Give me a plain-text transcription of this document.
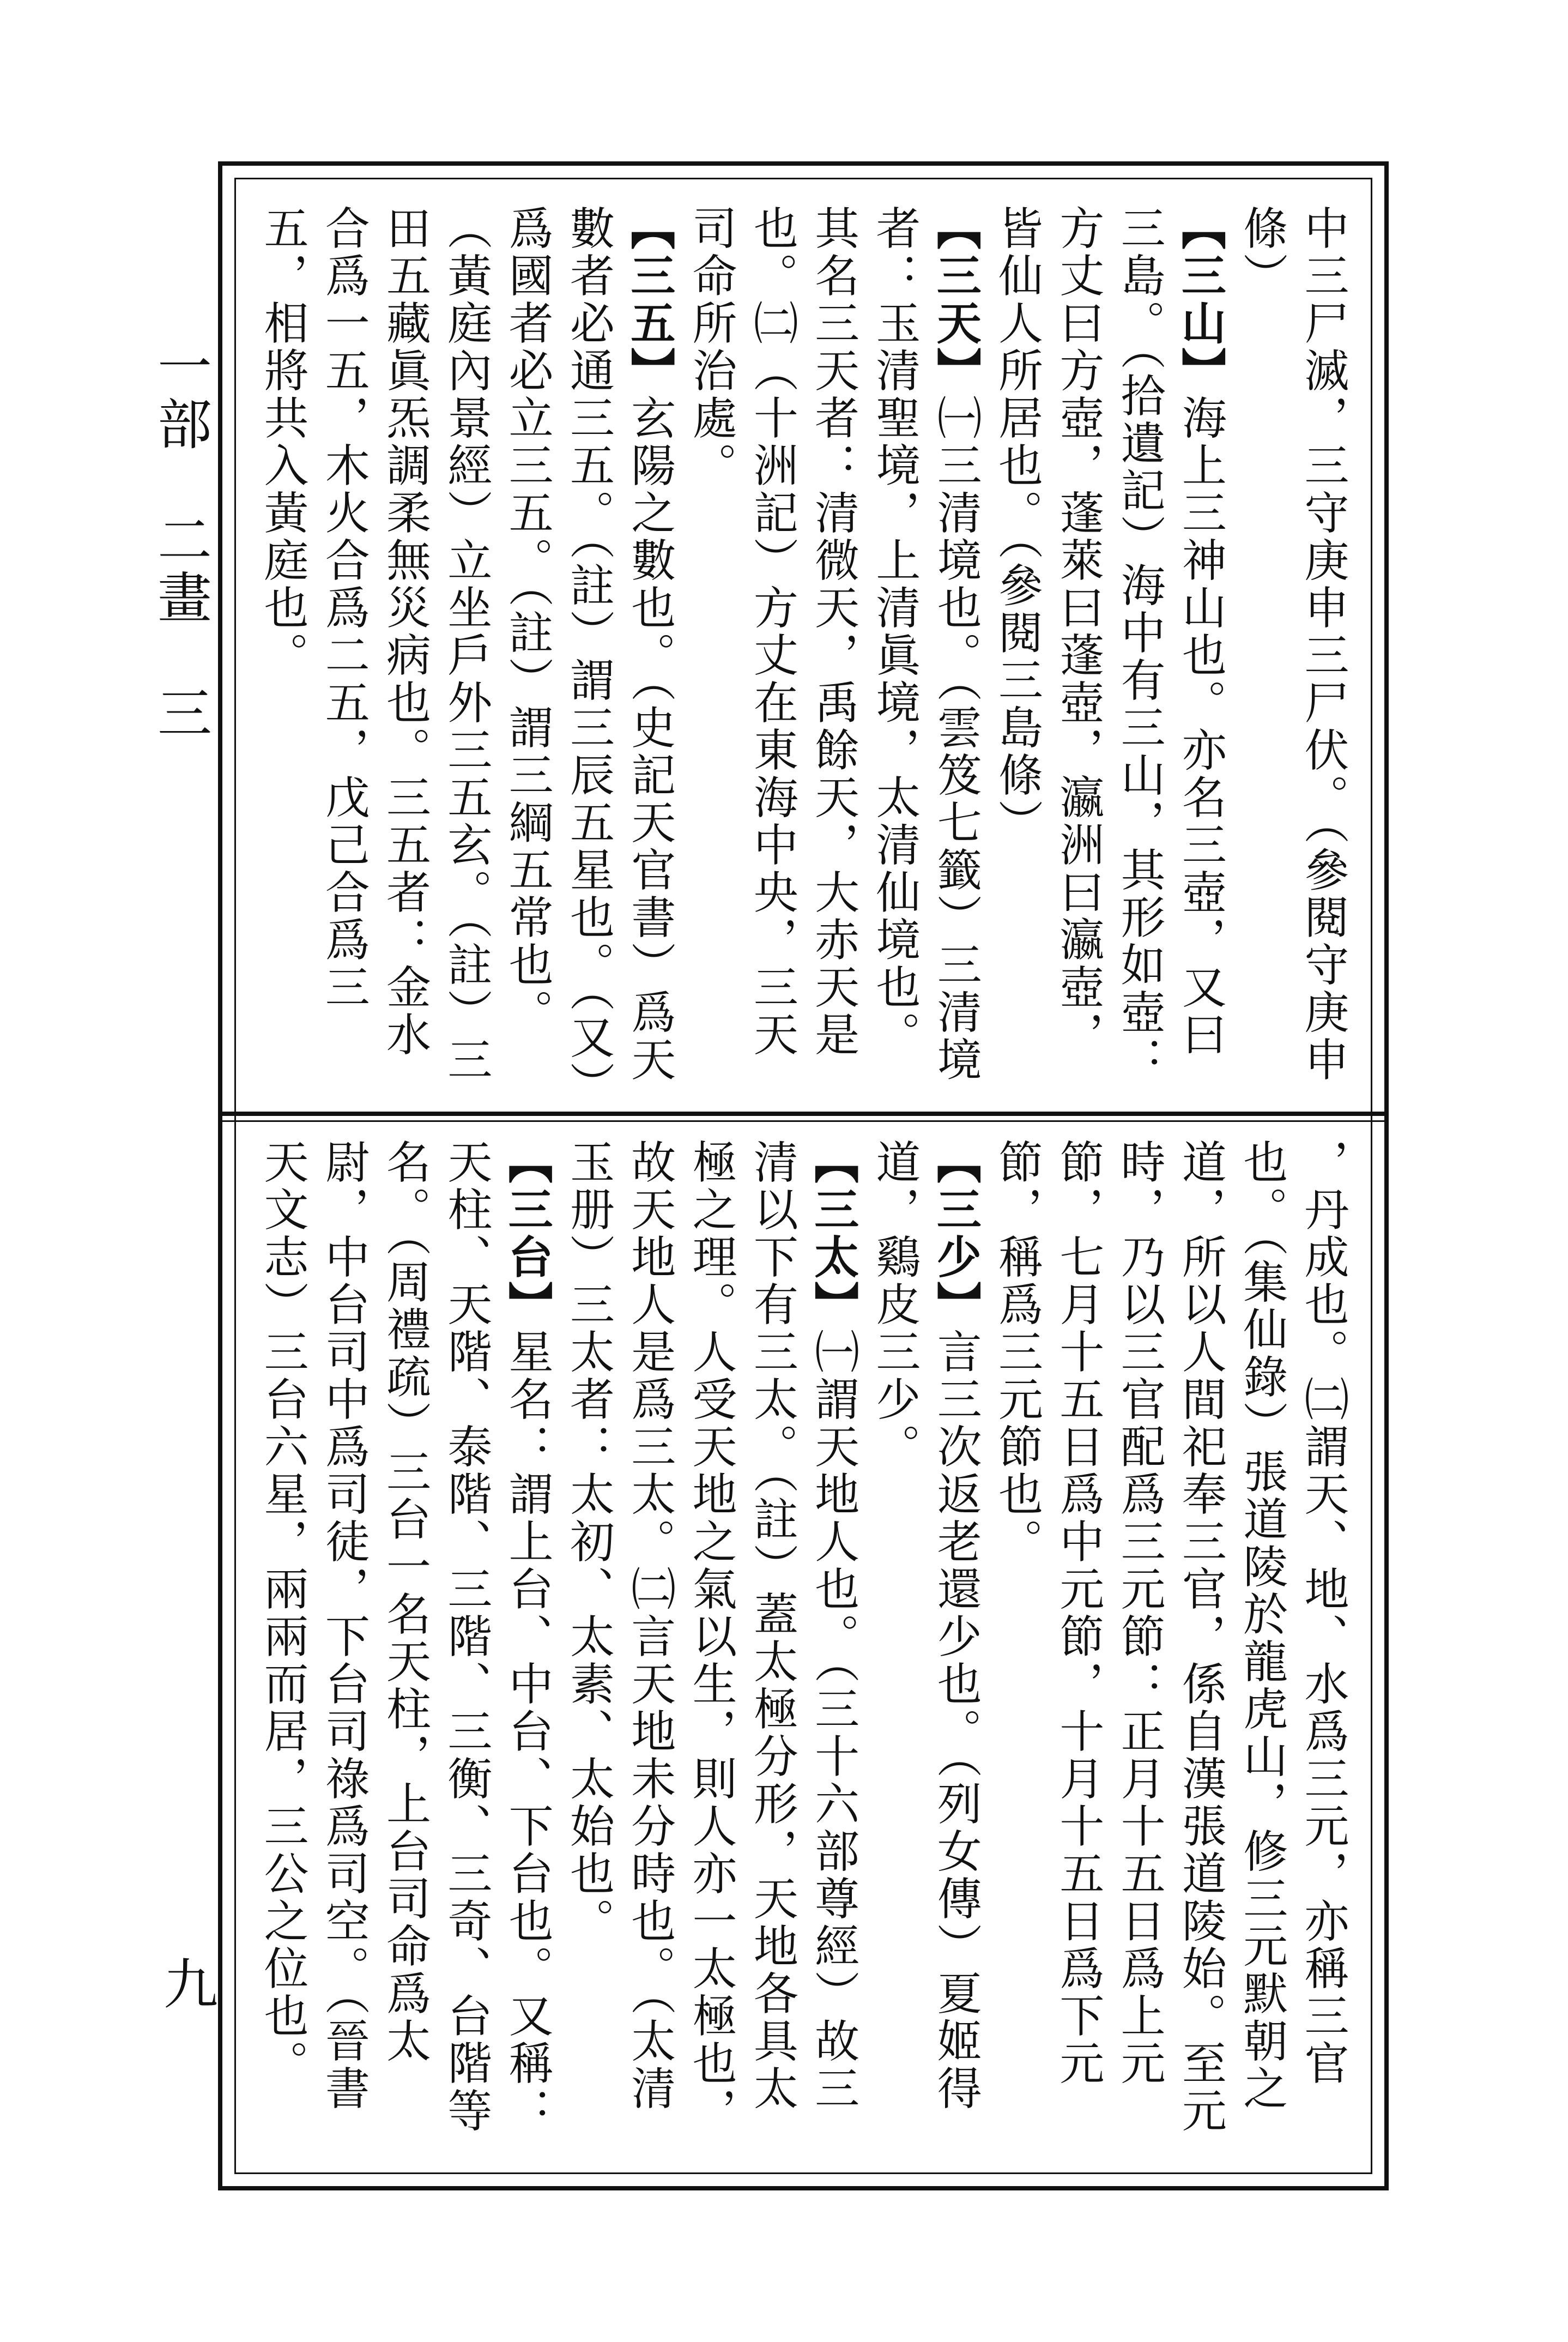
一部　二畫　三
九

中三尸滅，三守庚申三尸伏。（參閱守庚申條）

【三山】海上三神山也。亦名三壺，又曰三島。（拾遺記）海中有三山，其形如壺：方丈曰方壺，蓬萊曰蓬壺，瀛洲曰瀛壺，皆仙人所居也。（參閱三島條）

【三天】㈠三清境也。（雲笈七籤）三清境者：玉清聖境，上清眞境，太清仙境也。其名三天者：清微天，禹餘天，大赤天是也。㈡（十洲記）方丈在東海中央，三天司命所治處。

【三五】玄陽之數也。（史記天官書）爲天數者必通三五。（註）謂三辰五星也。（又）爲國者必立三五。（註）謂三綱五常也。（黃庭內景經）立坐戶外三五玄。（註）三田五藏眞炁調柔無災病也。三五者：金水合爲一五，木火合爲二五，戊己合爲三五，相將共入黃庭也。

，丹成也。㈡謂天、地、水爲三元，亦稱三官也。（集仙錄）張道陵於龍虎山，修三元默朝之道，所以人間祀奉三官，係自漢張道陵始。至元時，乃以三官配爲三元節：正月十五日爲上元節，七月十五日爲中元節，十月十五日爲下元節，稱爲三元節也。

【三少】言三次返老還少也。（列女傳）夏姬得道，鷄皮三少。

【三太】㈠謂天地人也。（三十六部尊經）故三清以下有三太。（註）蓋太極分形，天地各具太極之理。人受天地之氣以生，則人亦一太極也，故天地人是爲三太。㈡言天地未分時也。（太清玉册）三太者：太初、太素、太始也。

【三台】星名：謂上台、中台、下台也。又稱：天柱、天階、泰階、三階、三衡、三奇、台階等名。（周禮疏）三台一名天柱，上台司命爲太尉，中台司中爲司徒，下台司祿爲司空。（晉書天文志）三台六星，兩兩而居，三公之位也。
